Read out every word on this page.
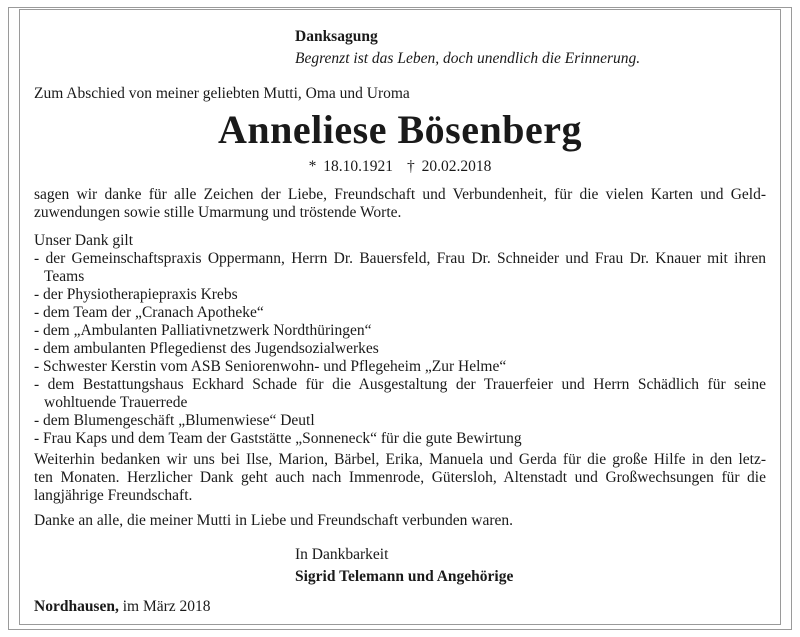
Danksagung
Begrenzt ist das Leben, doch unendlich die Erinnerung.
Zum Abschied von meiner geliebten Mutti, Oma und Uroma
Anneliese Bösenberg
* 18.10.1921 † 20.02.2018
sagen wir danke für alle Zeichen der Liebe, Freundschaft und Verbundenheit, für die vielen Karten und Geld-
zuwendungen sowie stille Umarmung und tröstende Worte.
Unser Dank gilt
- der Gemeinschaftspraxis Oppermann, Herrn Dr. Bauersfeld, Frau Dr. Schneider und Frau Dr. Knauer mit ihren
Teams
- der Physiotherapiepraxis Krebs
- dem Team der „Cranach Apotheke“
- dem „Ambulanten Palliativnetzwerk Nordthüringen“
- dem ambulanten Pflegedienst des Jugendsozialwerkes
- Schwester Kerstin vom ASB Seniorenwohn- und Pflegeheim „Zur Helme“
- dem Bestattungshaus Eckhard Schade für die Ausgestaltung der Trauerfeier und Herrn Schädlich für seine
wohltuende Trauerrede
- dem Blumengeschäft „Blumenwiese“ Deutl
- Frau Kaps und dem Team der Gaststätte „Sonneneck“ für die gute Bewirtung
Weiterhin bedanken wir uns bei Ilse, Marion, Bärbel, Erika, Manuela und Gerda für die große Hilfe in den letz-
ten Monaten. Herzlicher Dank geht auch nach Immenrode, Gütersloh, Altenstadt und Großwechsungen für die
langjährige Freundschaft.
Danke an alle, die meiner Mutti in Liebe und Freundschaft verbunden waren.
In Dankbarkeit
Sigrid Telemann und Angehörige
Nordhausen, im März 2018
